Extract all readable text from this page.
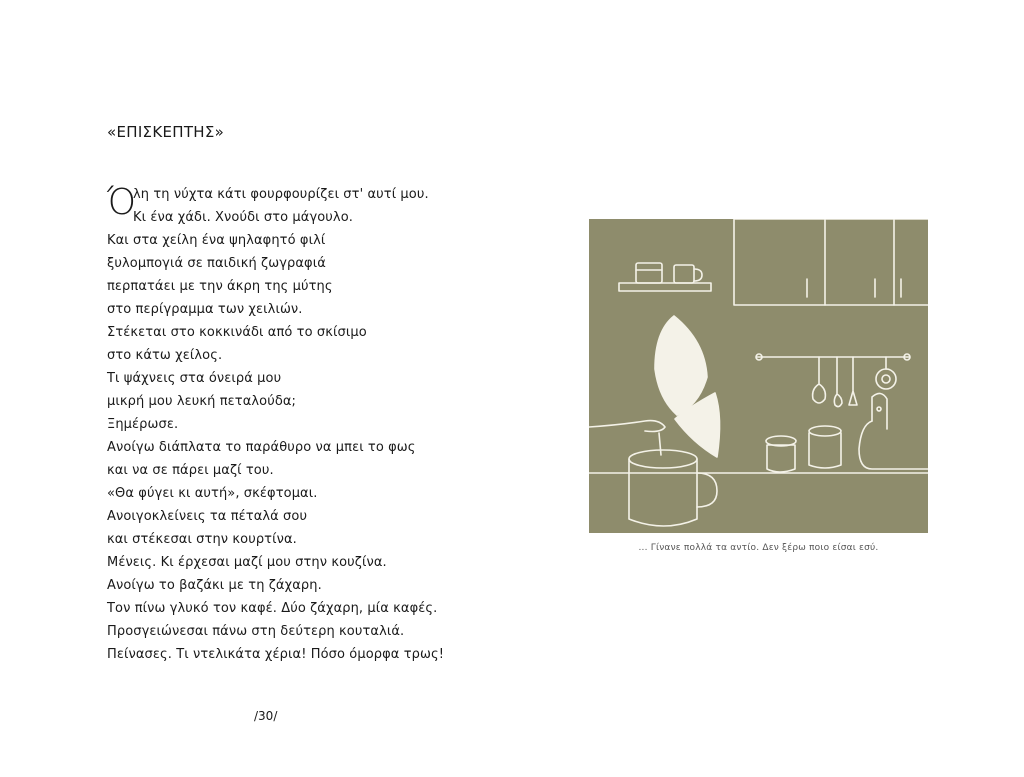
«ΕΠΙΣΚΕΠΤΗΣ»
Ό
λη τη νύχτα κάτι φουρφουρίζει στ' αυτί μου.
Κι ένα χάδι. Χνούδι στο μάγουλο.
Και στα χείλη ένα ψηλαφητό φιλί
ξυλομπογιά σε παιδική ζωγραφιά
περπατάει με την άκρη της μύτης
στο περίγραμμα των χειλιών.
Στέκεται στο κοκκινάδι από το σκίσιμο
στο κάτω χείλος.
Τι ψάχνεις στα όνειρά μου
μικρή μου λευκή πεταλούδα;
Ξημέρωσε.
Ανοίγω διάπλατα το παράθυρο να μπει το φως
και να σε πάρει μαζί του.
«Θα φύγει κι αυτή», σκέφτομαι.
Ανοιγοκλείνεις τα πέταλά σου
και στέκεσαι στην κουρτίνα.
Μένεις. Κι έρχεσαι μαζί μου στην κουζίνα.
Ανοίγω το βαζάκι με τη ζάχαρη.
Τον πίνω γλυκό τον καφέ. Δύο ζάχαρη, μία καφές.
Προσγειώνεσαι πάνω στη δεύτερη κουταλιά.
Πείνασες. Τι ντελικάτα χέρια! Πόσο όμορφα τρως!
... Γίνανε πολλά τα αντίο. Δεν ξέρω ποιο είσαι εσύ.
/30/
